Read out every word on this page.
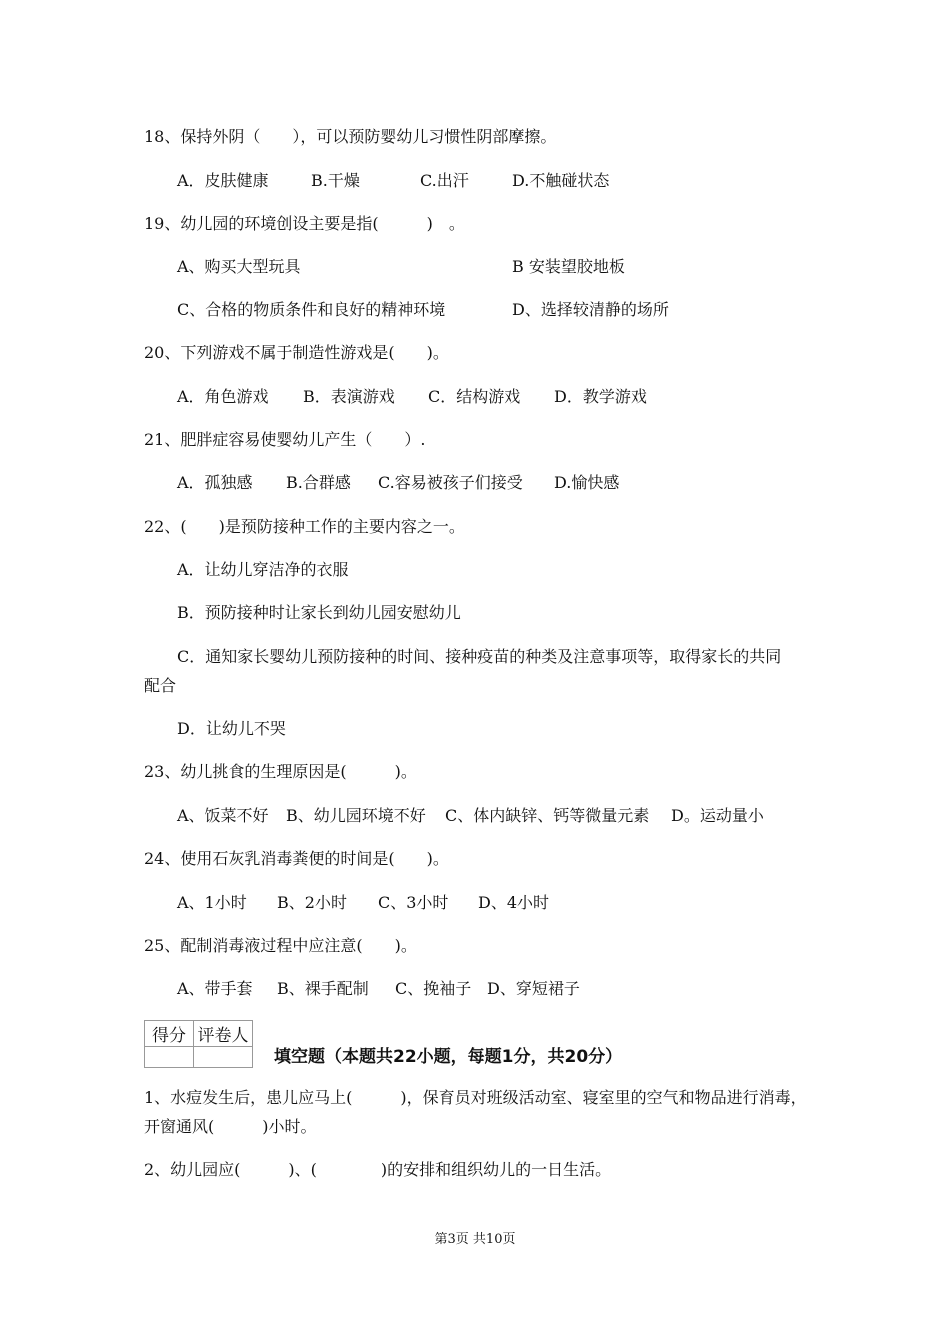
18、保持外阴（　　），可以预防婴幼儿习惯性阴部摩擦。
A．皮肤健康	B.干燥	C.出汗	D.不触碰状态
19、幼儿园的环境创设主要是指(　　　)　。
A、购买大型玩具	B 安装望胶地板
C、合格的物质条件和良好的精神环境	D、选择较清静的场所
20、下列游戏不属于制造性游戏是(　　)。
A．角色游戏 B．表演游戏 C．结构游戏 D．教学游戏
21、肥胖症容易使婴幼儿产生（　　）.
A．孤独感 B.合群感 C.容易被孩子们接受 D.愉快感
22、(　　)是预防接种工作的主要内容之一。
A．让幼儿穿洁净的衣服
B．预防接种时让家长到幼儿园安慰幼儿
C．通知家长婴幼儿预防接种的时间、接种疫苗的种类及注意事项等，取得家长的共同
配合
D．让幼儿不哭
23、幼儿挑食的生理原因是(　　　)。
A、饭菜不好 B、幼儿园环境不好 C、体内缺锌、钙等微量元素 D。运动量小
24、使用石灰乳消毒粪便的时间是(　　)。
A、1小时 B、2小时 C、3小时 D、4小时
25、配制消毒液过程中应注意(　　)。
A、带手套 B、裸手配制 C、挽袖子 D、穿短裙子
得分	评卷人

填空题（本题共22小题，每题1分，共20分）
1、水痘发生后，患儿应马上(　　　)，保育员对班级活动室、寝室里的空气和物品进行消毒，
开窗通风(　　　)小时。
2、幼儿园应(　　　)、(　　　　)的安排和组织幼儿的一日生活。
第3页 共10页
